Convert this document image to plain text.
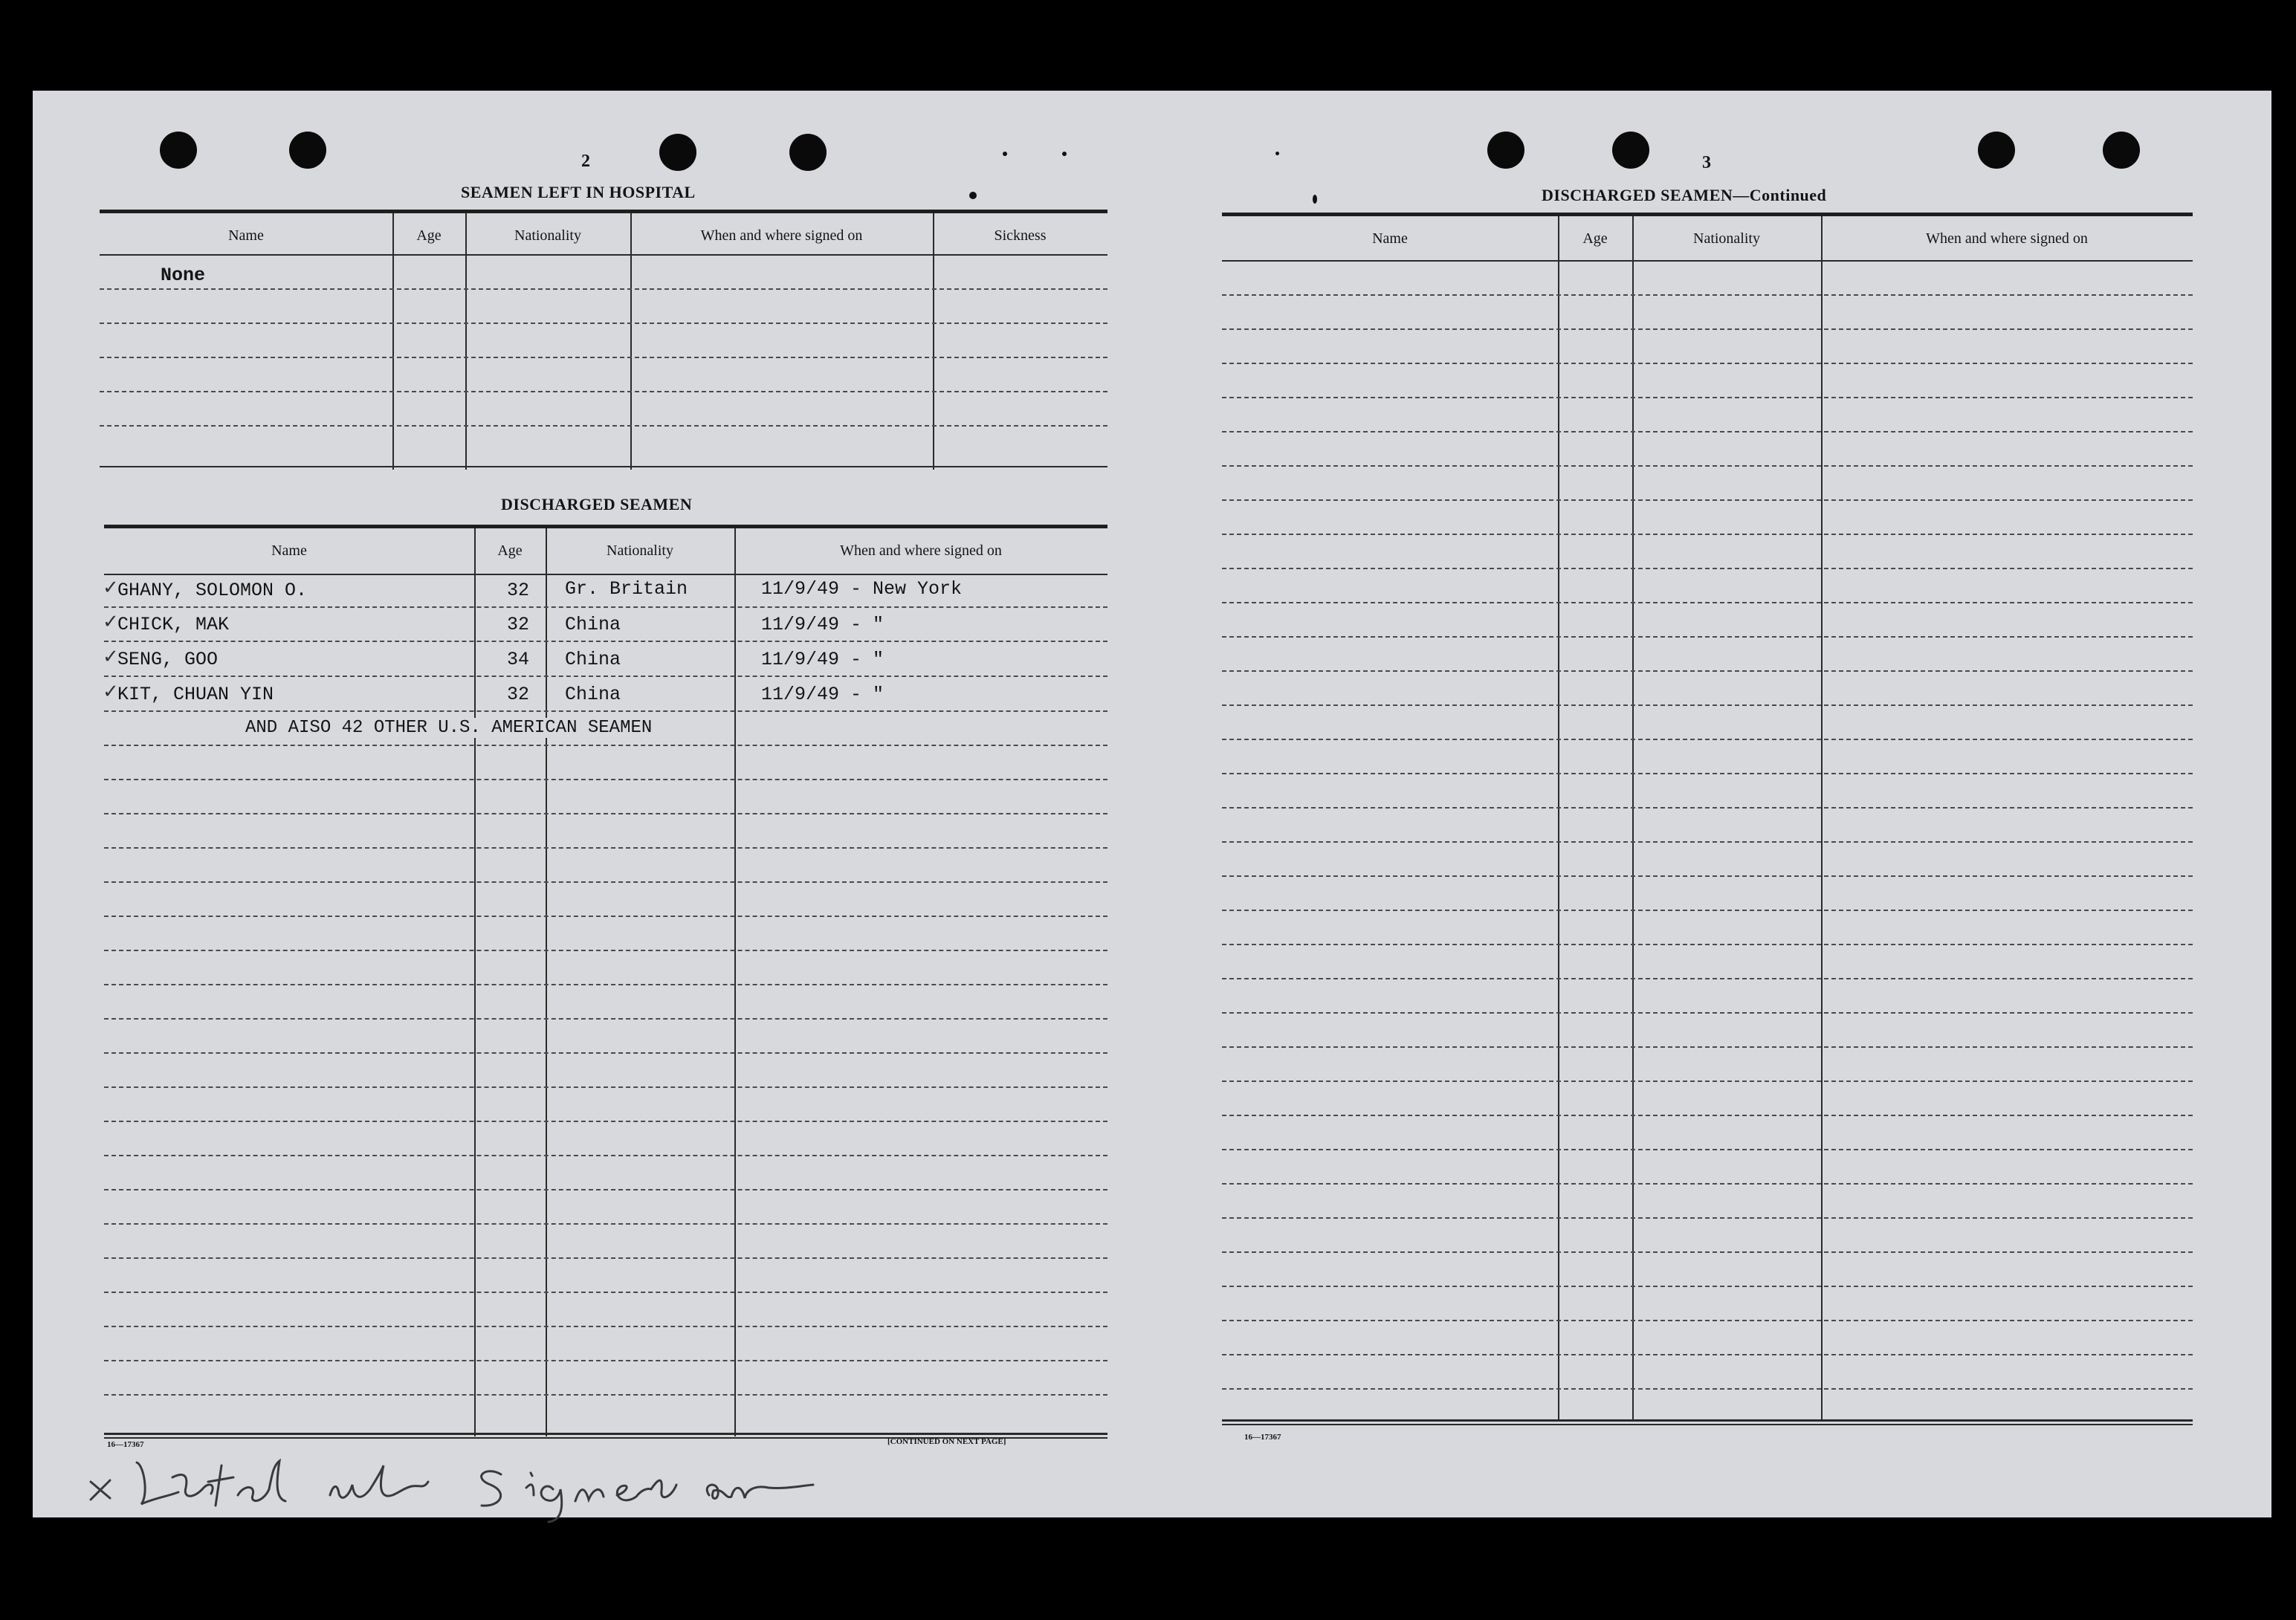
2
SEAMEN LEFT IN HOSPITAL
Name	Age	Nationality	When and where signed on	Sickness
None
DISCHARGED SEAMEN
Name	Age	Nationality	When and where signed on
✓
GHANY, SOLOMON O.	32 Gr. Britain	11/9/49 - New York
✓
CHICK, MAK	32 China	11/9/49 - "
✓
SENG, GOO	34 China	11/9/49 - "
✓
KIT, CHUAN YIN	32 China	11/9/49 - "
AND AISO 42 OTHER U.S. AMERICAN SEAMEN
16—17367	[CONTINUED ON NEXT PAGE]
3
DISCHARGED SEAMEN—Continued
Name	Age	Nationality	When and where signed on
16—17367
